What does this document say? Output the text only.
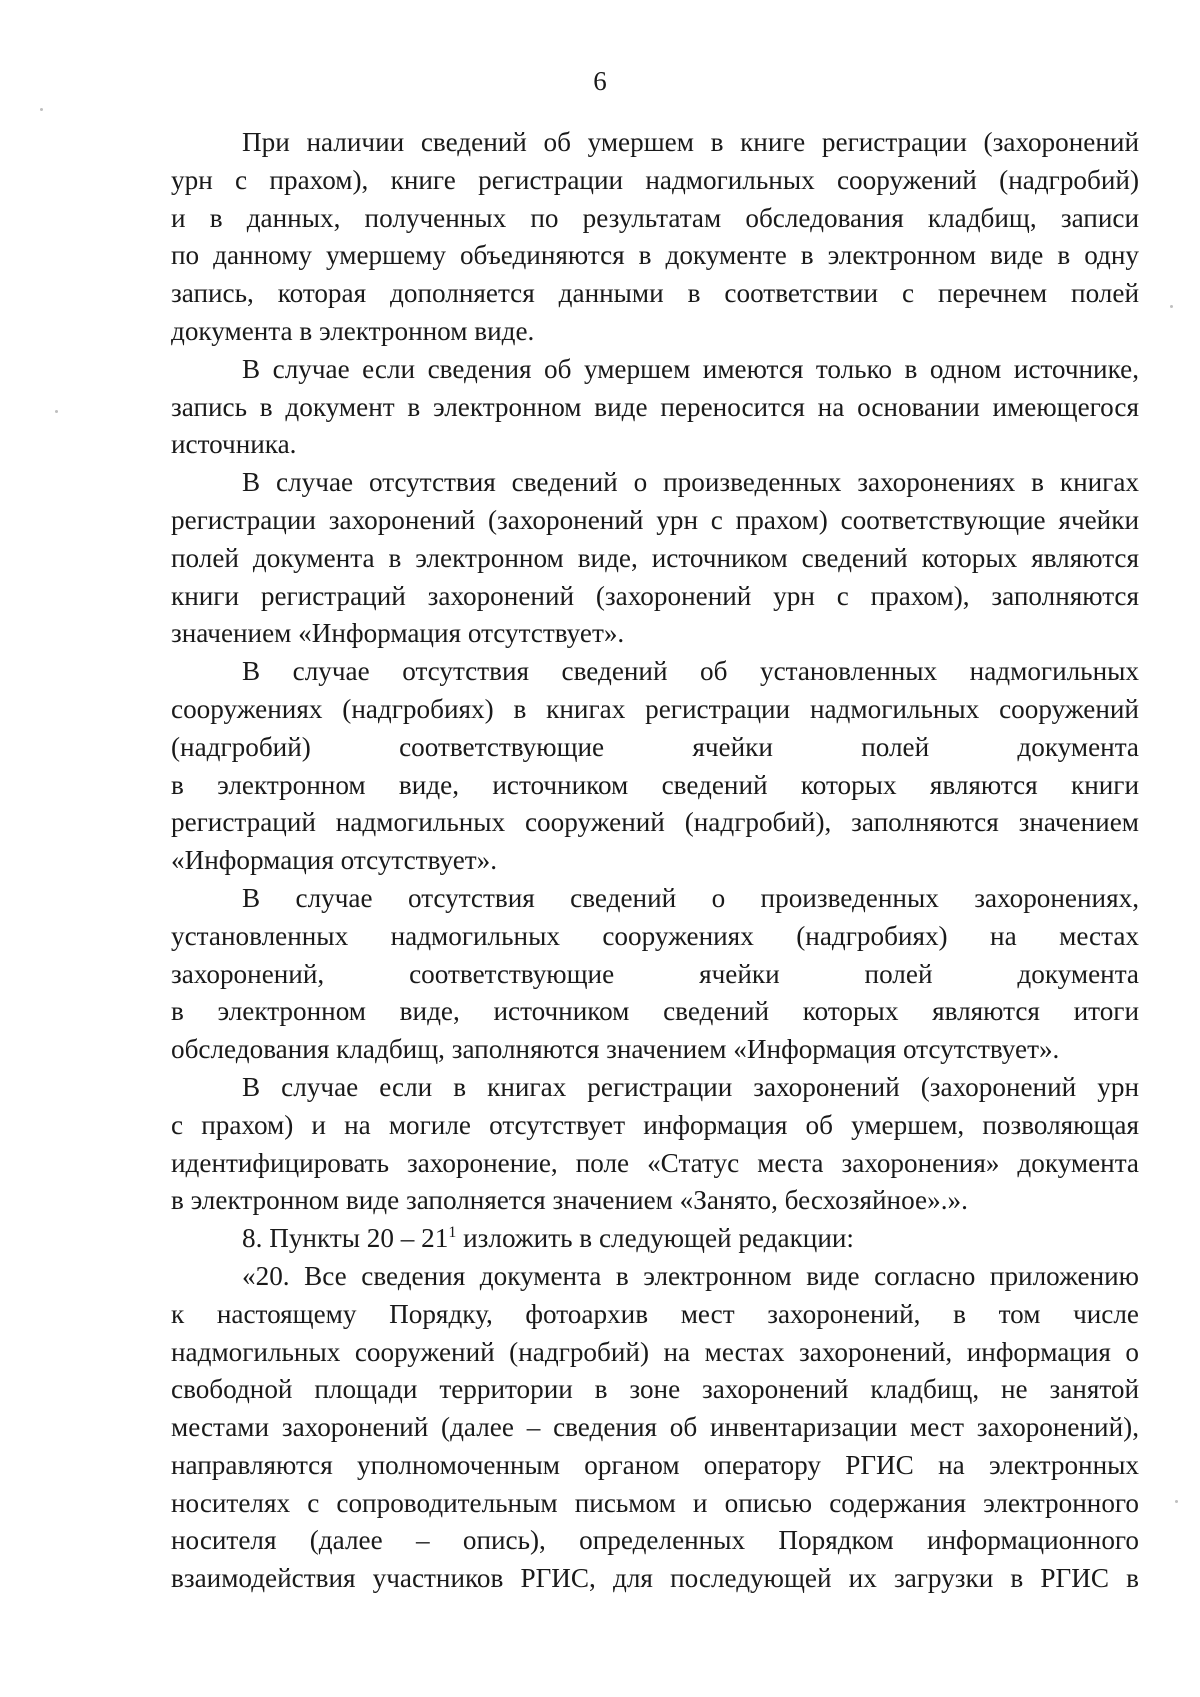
6

При наличии сведений об умершем в книге регистрации (захоронений
урн с прахом), книге регистрации надмогильных сооружений (надгробий)
и в данных, полученных по результатам обследования кладбищ, записи
по данному умершему объединяются в документе в электронном виде в одну
запись, которая дополняется данными в соответствии с перечнем полей
документа в электронном виде.

В случае если сведения об умершем имеются только в одном источнике,
запись в документ в электронном виде переносится на основании имеющегося
источника.

В случае отсутствия сведений о произведенных захоронениях в книгах
регистрации захоронений (захоронений урн с прахом) соответствующие ячейки
полей документа в электронном виде, источником сведений которых являются
книги регистраций захоронений (захоронений урн с прахом), заполняются
значением «Информация отсутствует».

В случае отсутствия сведений об установленных надмогильных
сооружениях (надгробиях) в книгах регистрации надмогильных сооружений
(надгробий) соответствующие ячейки полей документа
в электронном виде, источником сведений которых являются книги
регистраций надмогильных сооружений (надгробий), заполняются значением
«Информация отсутствует».

В случае отсутствия сведений о произведенных захоронениях,
установленных надмогильных сооружениях (надгробиях) на местах
захоронений, соответствующие ячейки полей документа
в электронном виде, источником сведений которых являются итоги
обследования кладбищ, заполняются значением «Информация отсутствует».

В случае если в книгах регистрации захоронений (захоронений урн
с прахом) и на могиле отсутствует информация об умершем, позволяющая
идентифицировать захоронение, поле «Статус места захоронения» документа
в электронном виде заполняется значением «Занято, бесхозяйное».».

8. Пункты $20 - 21^1$ изложить в следующей редакции:

«20. Все сведения документа в электронном виде согласно приложению
к настоящему Порядку, фотоархив мест захоронений, в том числе
надмогильных сооружений (надгробий) на местах захоронений, информация о
свободной площади территории в зоне захоронений кладбищ, не занятой
местами захоронений (далее – сведения об инвентаризации мест захоронений),
направляются уполномоченным органом оператору РГИС на электронных
носителях с сопроводительным письмом и описью содержания электронного
носителя (далее – опись), определенных Порядком информационного
взаимодействия участников РГИС, для последующей их загрузки в РГИС в
